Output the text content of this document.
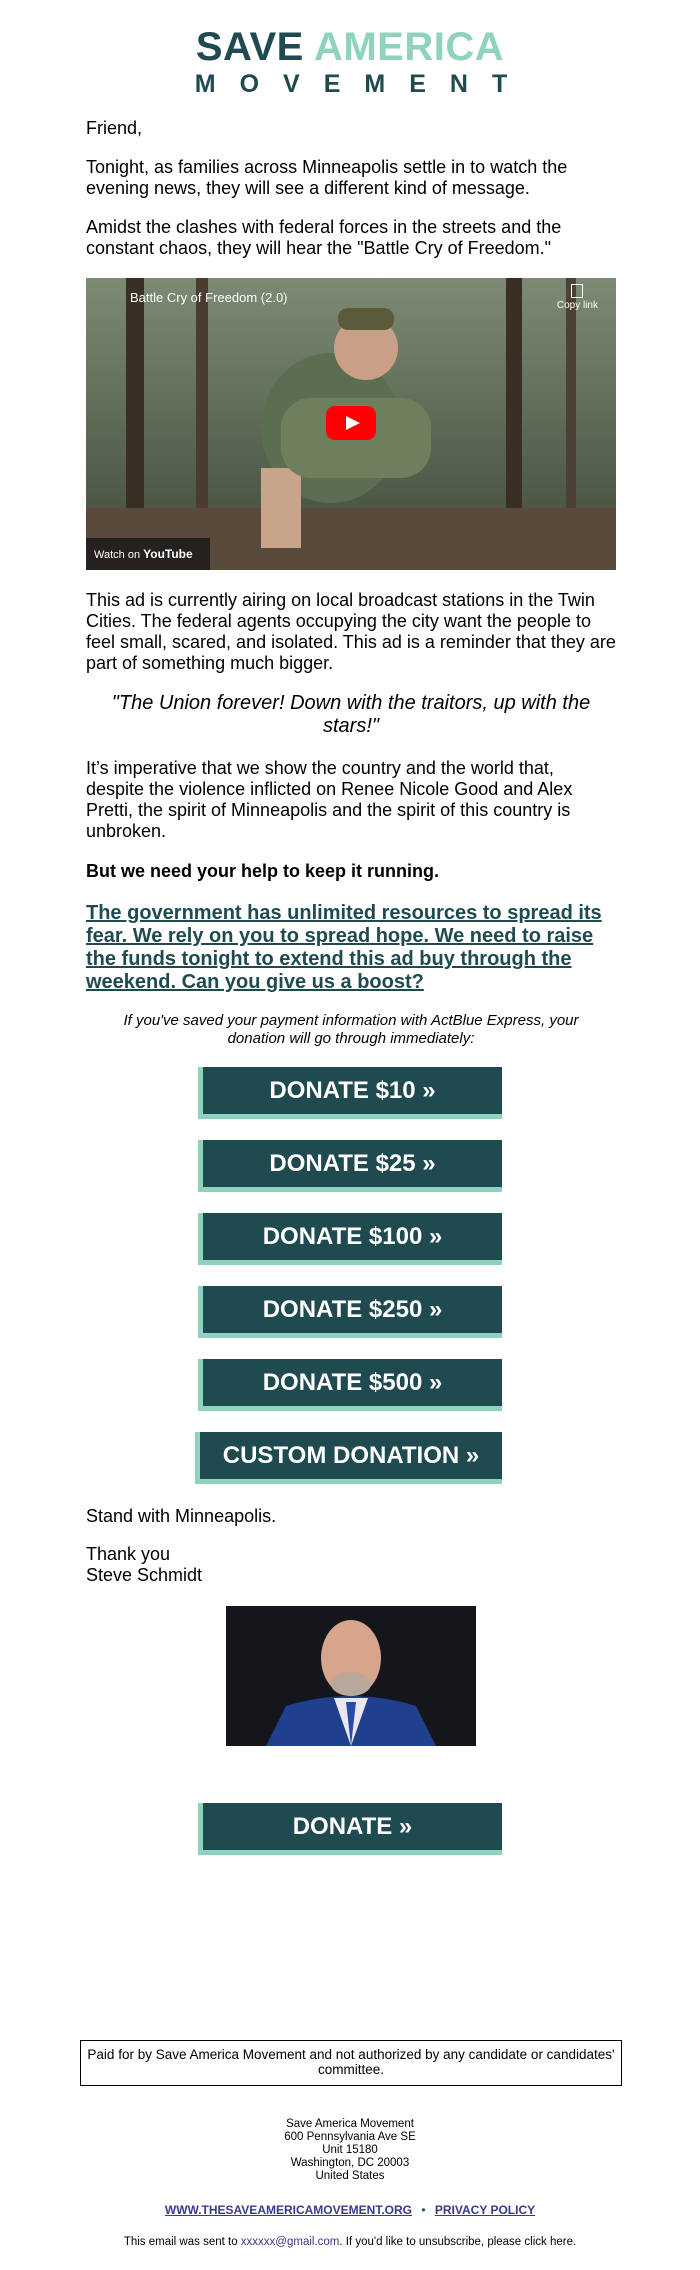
SAVE AMERICA
MOVEMENT

Friend,

Tonight, as families across Minneapolis settle in to watch the evening news, they will see a different kind of message.

Amidst the clashes with federal forces in the streets and the constant chaos, they will hear the "Battle Cry of Freedom."

Battle Cry of Freedom (2.0)
Copy link
Watch on YouTube

This ad is currently airing on local broadcast stations in the Twin Cities. The federal agents occupying the city want the people to feel small, scared, and isolated. This ad is a reminder that they are part of something much bigger.

"The Union forever! Down with the traitors, up with the stars!"

It’s imperative that we show the country and the world that, despite the violence inflicted on Renee Nicole Good and Alex Pretti, the spirit of Minneapolis and the spirit of this country is unbroken.

But we need your help to keep it running.

The government has unlimited resources to spread its fear. We rely on you to spread hope. We need to raise the funds tonight to extend this ad buy through the weekend. Can you give us a boost?

If you've saved your payment information with ActBlue Express, your donation will go through immediately:

DONATE $10 »
DONATE $25 »
DONATE $100 »
DONATE $250 »
DONATE $500 »
CUSTOM DONATION »

Stand with Minneapolis.

Thank you

Steve Schmidt

DONATE »
Paid for by Save America Movement and not authorized by any candidate or candidates' committee.
Save America Movement
600 Pennsylvania Ave SE
Unit 15180
Washington, DC 20003
United States
WWW.THESAVEAMERICAMOVEMENT.ORG • PRIVACY POLICY
This email was sent to xxxxxx@gmail.com. If you'd like to unsubscribe, please click here.
